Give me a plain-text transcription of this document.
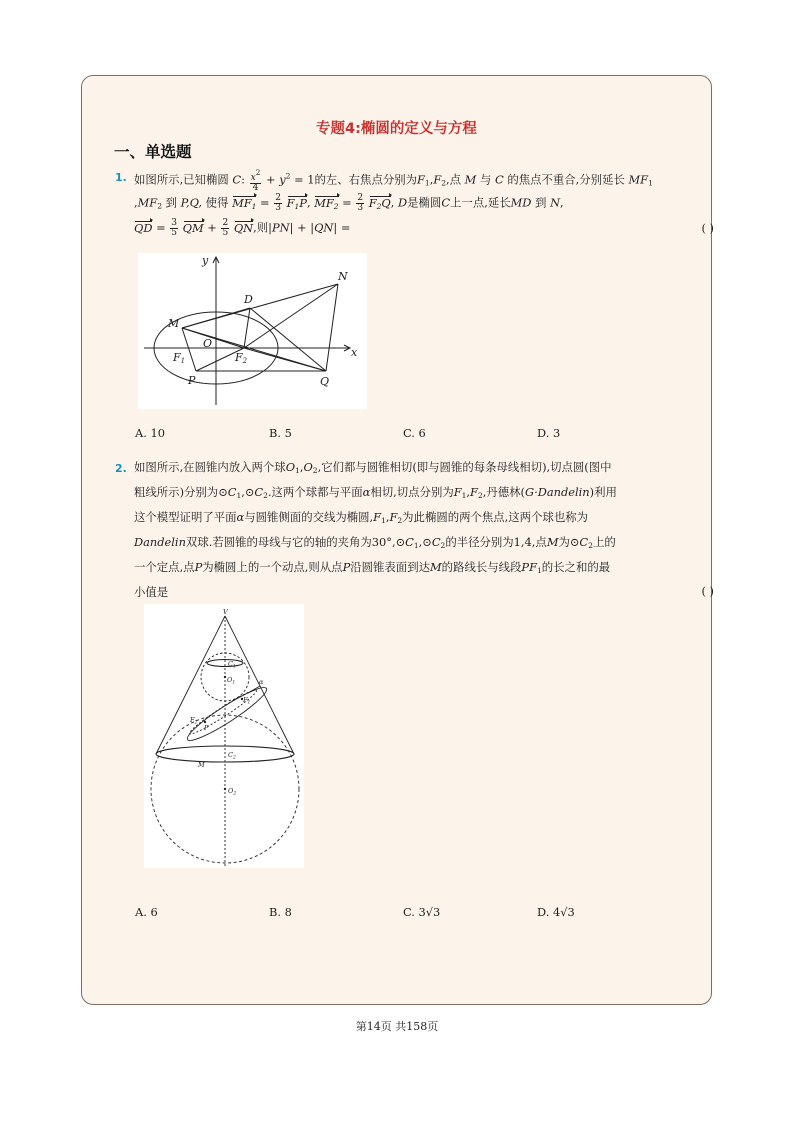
专题4:椭圆的定义与方程
一、单选题
1. 如图所示,已知椭圆 C: $\frac{x^2}{4} + y^2 = 1$的左、右焦点分别为$F_1,F_2$,点 M 与 C 的焦点不重合,分别延长 $MF_1$
$,MF_2$ 到 P,Q, 使得 $MF_1 = \frac{2}{3} F_1P$, $MF_2 = \frac{2}{3} F_2Q$, D是椭圆C上一点,延长MD 到 N,
QD = $\frac{3}{5}$ QM + $\frac{2}{5}$ QN,则|PN| + |QN| =	( )
y
x
N
D
M
O
F1	F2
P	Q
A. 10	B. 5	C. 6	D. 3
2. 如图所示,在圆锥内放入两个球$O_1,O_2$,它们都与圆锥相切(即与圆锥的每条母线相切),切点圆(图中
粗线所示)分别为$⊙C_1,⊙C_2$.这两个球都与平面α相切,切点分别为$F_1,F_2$,丹德林(G·Dandelin)利用
这个模型证明了平面α与圆锥侧面的交线为椭圆$,F_1,F_2$为此椭圆的两个焦点,这两个球也称为
Dandelin双球.若圆锥的母线与它的轴的夹角为$30^\circ,⊙C_1,⊙C_2$的半径分别为1,4,点M为$⊙C_2$上的
一个定点,点P为椭圆上的一个动点,则从点P沿圆锥表面到达M的路线长与线段$PF_1$的长之和的最
小值是	( )
V
$C_1$
$O_1$	α
$F_1$
$F_2$
P
$C_2$
M
$O_2$
A. 6	B. 8	C. 3√3	D. 4√3
第14页 共158页
